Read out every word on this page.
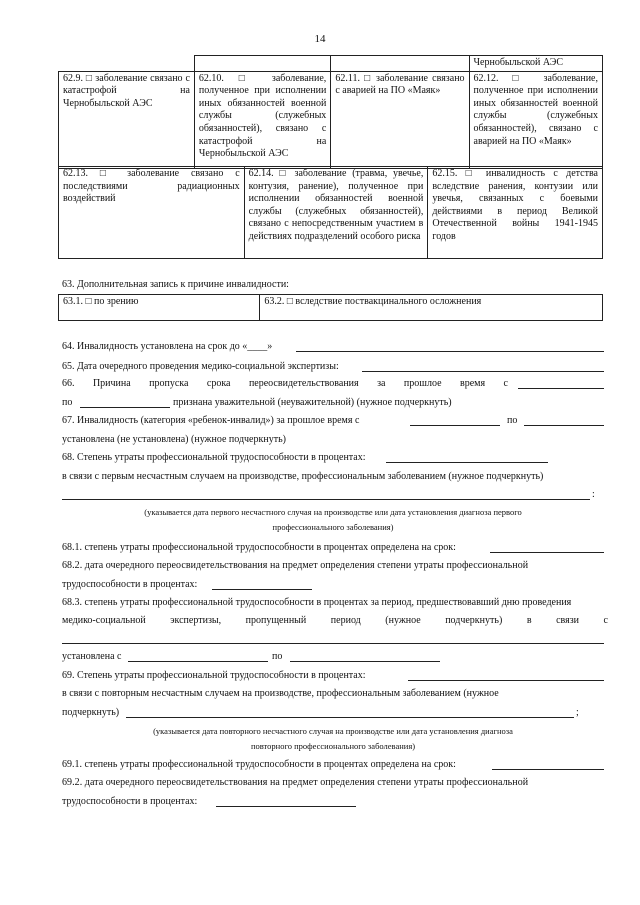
14
			Чернобыльской АЭС
62.9. □ заболевание связано с катастрофой на Чернобыльской АЭС	62.10. □ заболевание, полученное при исполнении иных обязанностей военной службы (служебных обязанностей), связано с катастрофой на Чернобыльской АЭС	62.11. □ заболевание связано с аварией на ПО «Маяк»	62.12. □ заболевание, полученное при исполнении иных обязанностей военной службы (служебных обязанностей), связано с аварией на ПО «Маяк»
62.13. □ заболевание связано с последствиями радиационных воздействий	62.14. □ заболевание (травма, увечье, контузия, ранение), полученное при исполнении обязанностей военной службы (служебных обязанностей), связано с непосредственным участием в действиях подразделений особого риска	62.15. □ инвалидность с детства вследствие ранения, контузии или увечья, связанных с боевыми действиями в период Великой Отечественной войны 1941-1945 годов
63. Дополнительная запись к причине инвалидности:
63.1. □ по зрению	63.2. □ вследствие поствакцинального осложнения
64. Инвалидность установлена на срок до «____»
65. Дата очередного проведения медико-социальной экспертизы:
66. Причина пропуска срока переосвидетельствования за прошлое время с
по	признана уважительной (неуважительной) (нужное подчеркнуть)
67. Инвалидность (категория «ребенок-инвалид») за прошлое время с	по
установлена (не установлена) (нужное подчеркнуть)
68. Степень утраты профессиональной трудоспособности в процентах:
в связи с первым несчастным случаем на производстве, профессиональным заболеванием (нужное подчеркнуть)
:
(указывается дата первого несчастного случая на производстве или дата установления диагноза первого
профессионального заболевания)
68.1. степень утраты профессиональной трудоспособности в процентах определена на срок:
68.2. дата очередного переосвидетельствования на предмет определения степени утраты профессиональной
трудоспособности в процентах:
68.3. степень утраты профессиональной трудоспособности в процентах за период, предшествовавший дню проведения
медико-социальной экспертизы, пропущенный период (нужное подчеркнуть) в связи с
установлена с	по
69. Степень утраты профессиональной трудоспособности в процентах:
в связи с повторным несчастным случаем на производстве, профессиональным заболеванием (нужное
подчеркнуть)	;
(указывается дата повторного несчастного случая на производстве или дата установления диагноза
повторного профессионального заболевания)
69.1. степень утраты профессиональной трудоспособности в процентах определена на срок:
69.2. дата очередного переосвидетельствования на предмет определения степени утраты профессиональной
трудоспособности в процентах:
